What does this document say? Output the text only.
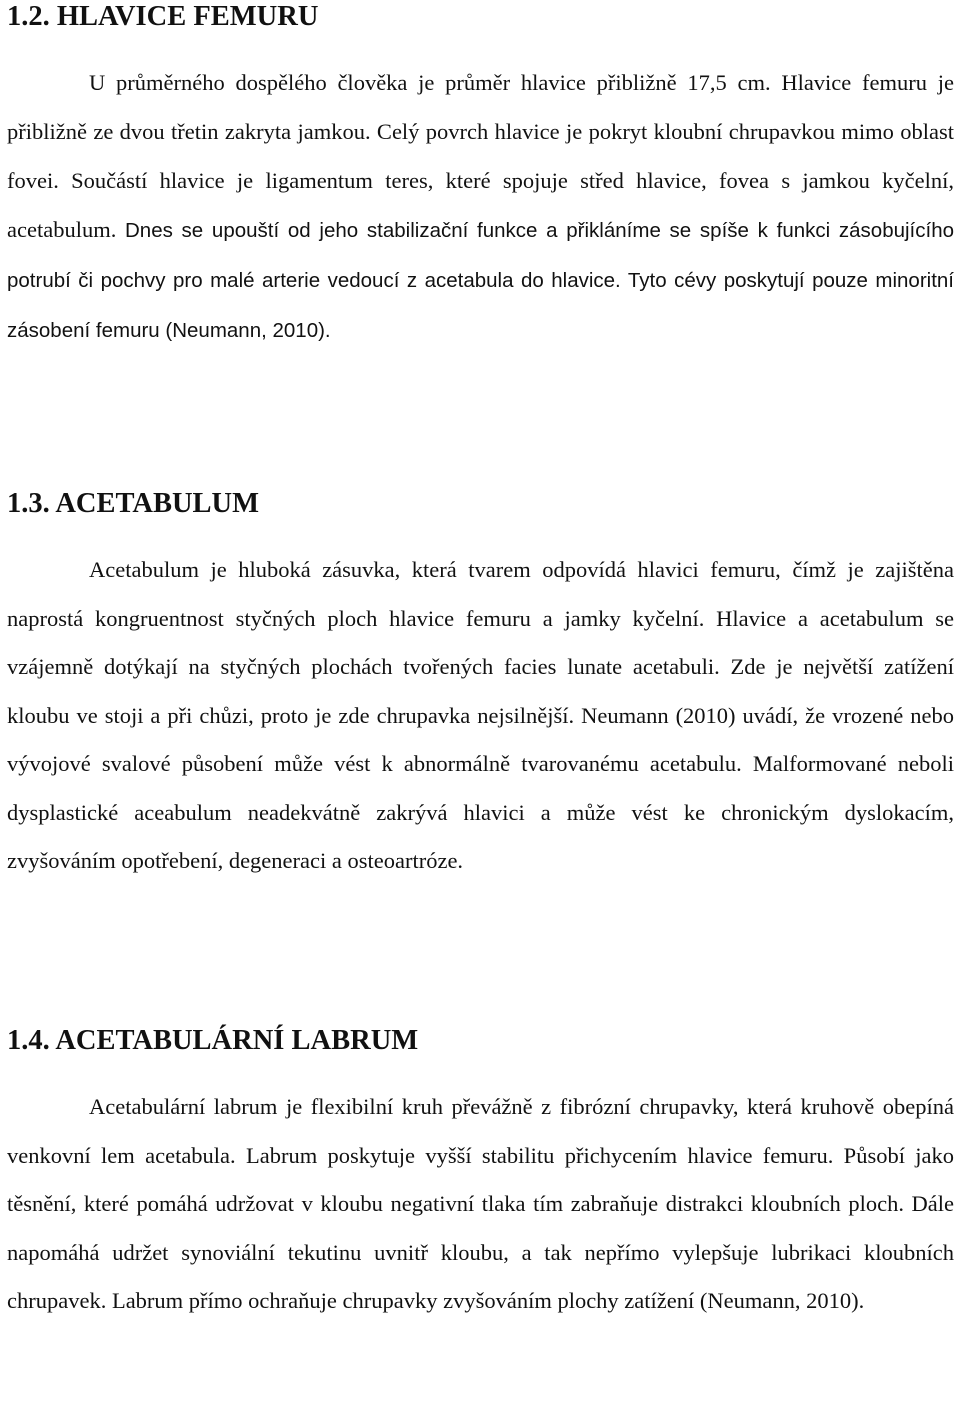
1.2. HLAVICE FEMURU

U průměrného dospělého člověka je průměr hlavice přibližně 17,5 cm. Hlavice femuru je přibližně ze dvou třetin zakryta jamkou. Celý povrch hlavice je pokryt kloubní chrupavkou mimo oblast fovei. Součástí hlavice je ligamentum teres, které spojuje střed hlavice, fovea s jamkou kyčelní, acetabulum. Dnes se upouští od jeho stabilizační funkce a přikláníme se spíše k funkci zásobujícího potrubí či pochvy pro malé arterie vedoucí z acetabula do hlavice. Tyto cévy poskytují pouze minoritní zásobení femuru (Neumann, 2010).

1.3. ACETABULUM

Acetabulum je hluboká zásuvka, která tvarem odpovídá hlavici femuru, čímž je zajištěna naprostá kongruentnost styčných ploch hlavice femuru a jamky kyčelní. Hlavice a acetabulum se vzájemně dotýkají na styčných plochách tvořených facies lunate acetabuli. Zde je největší zatížení kloubu ve stoji a při chůzi, proto je zde chrupavka nejsilnější. Neumann (2010) uvádí, že vrozené nebo vývojové svalové působení může vést k abnormálně tvarovanému acetabulu. Malformované neboli dysplastické aceabulum neadekvátně zakrývá hlavici a může vést ke chronickým dyslokacím, zvyšováním opotřebení, degeneraci a osteoartróze.

1.4. ACETABULÁRNÍ LABRUM

Acetabulární labrum je flexibilní kruh převážně z fibrózní chrupavky, která kruhově obepíná venkovní lem acetabula. Labrum poskytuje vyšší stabilitu přichycením hlavice femuru. Působí jako těsnění, které pomáhá udržovat v kloubu negativní tlaka tím zabraňuje distrakci kloubních ploch. Dále napomáhá udržet synoviální tekutinu uvnitř kloubu, a tak nepřímo vylepšuje lubrikaci kloubních chrupavek. Labrum přímo ochraňuje chrupavky zvyšováním plochy zatížení (Neumann, 2010).
